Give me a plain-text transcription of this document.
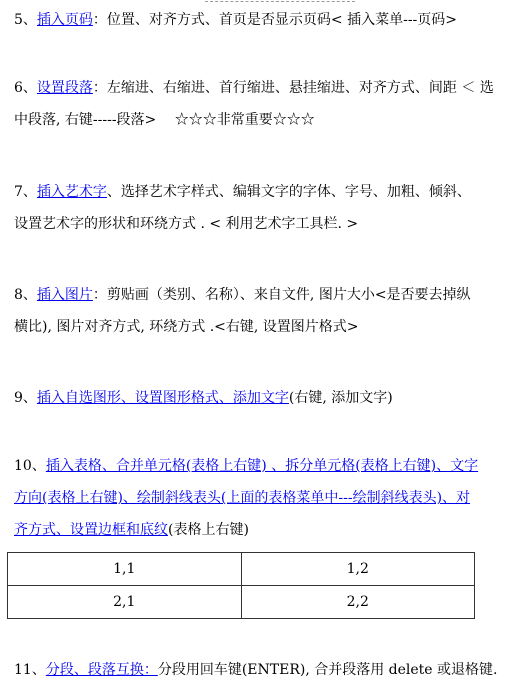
5、插入页码：位置、对齐方式、首页是否显示页码< 插入菜单---页码>
6、设置段落：左缩进、右缩进、首行缩进、悬挂缩进、对齐方式、间距 ＜ 选
中段落, 右键-----段落>　 ☆☆☆非常重要☆☆☆
7、插入艺术字、选择艺术字样式、编辑文字的字体、字号、加粗、倾斜、
设置艺术字的形状和环绕方式 . < 利用艺术字工具栏. >
8、插入图片：剪贴画（类别、名称）、来自文件, 图片大小<是否要去掉纵
横比), 图片对齐方式, 环绕方式 .<右键, 设置图片格式>
9、插入自选图形、设置图形格式、添加文字(右键, 添加文字)
10、插入表格、合并单元格(表格上右键) 、拆分单元格(表格上右键)、文字
方向(表格上右键)、绘制斜线表头(上面的表格菜单中---绘制斜线表头)、对
齐方式、设置边框和底纹(表格上右键)
1,1	1,2
2,1	2,2
11、分段、段落互换：分段用回车键(ENTER), 合并段落用 delete 或退格键.
